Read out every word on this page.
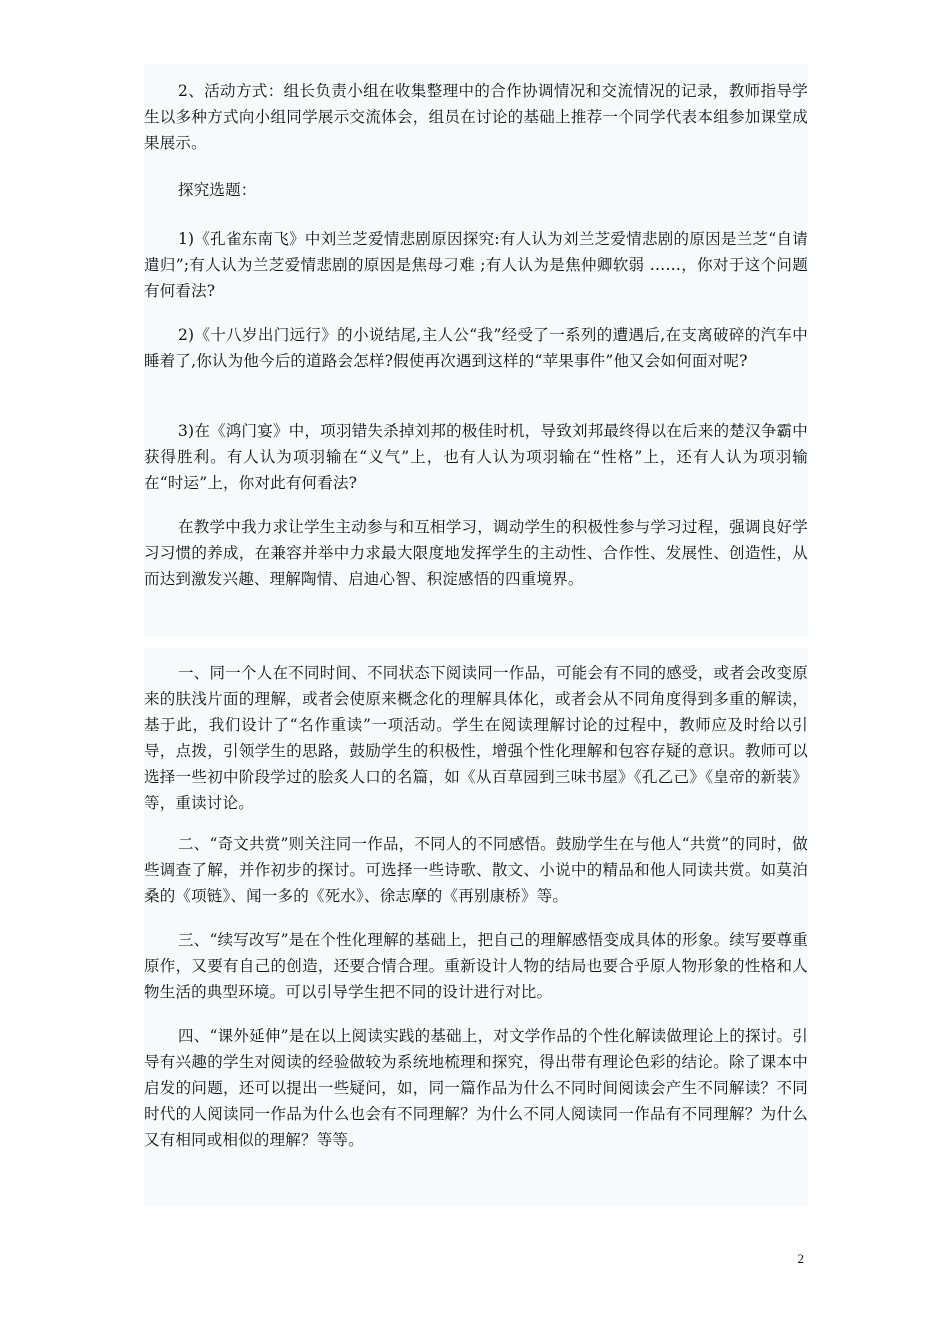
2、活动方式：组长负责小组在收集整理中的合作协调情况和交流情况的记录，教师指导学生以多种方式向小组同学展示交流体会，组员在讨论的基础上推荐一个同学代表本组参加课堂成果展示。

探究选题：

1)《孔雀东南飞》中刘兰芝爱情悲剧原因探究:有人认为刘兰芝爱情悲剧的原因是兰芝“自请遣归”;有人认为兰芝爱情悲剧的原因是焦母刁难 ;有人认为是焦仲卿软弱 ……，你对于这个问题有何看法?

2)《十八岁出门远行》的小说结尾,主人公“我”经受了一系列的遭遇后,在支离破碎的汽车中睡着了,你认为他今后的道路会怎样?假使再次遇到这样的“苹果事件”他又会如何面对呢?

3)在《鸿门宴》中，项羽错失杀掉刘邦的极佳时机，导致刘邦最终得以在后来的楚汉争霸中获得胜利。有人认为项羽输在“义气”上，也有人认为项羽输在“性格”上，还有人认为项羽输在“时运”上，你对此有何看法?

在教学中我力求让学生主动参与和互相学习，调动学生的积极性参与学习过程，强调良好学习习惯的养成，在兼容并举中力求最大限度地发挥学生的主动性、合作性、发展性、创造性，从而达到激发兴趣、理解陶情、启迪心智、积淀感悟的四重境界。

一、同一个人在不同时间、不同状态下阅读同一作品，可能会有不同的感受，或者会改变原来的肤浅片面的理解，或者会使原来概念化的理解具体化，或者会从不同角度得到多重的解读，基于此，我们设计了“名作重读”一项活动。学生在阅读理解讨论的过程中，教师应及时给以引导，点拨，引领学生的思路，鼓励学生的积极性，增强个性化理解和包容存疑的意识。教师可以选择一些初中阶段学过的脍炙人口的名篇，如《从百草园到三味书屋》《孔乙己》《皇帝的新装》等，重读讨论。

二、“奇文共赏”则关注同一作品，不同人的不同感悟。鼓励学生在与他人“共赏”的同时，做些调查了解，并作初步的探讨。可选择一些诗歌、散文、小说中的精品和他人同读共赏。如莫泊桑的《项链》、闻一多的《死水》、徐志摩的《再别康桥》等。

三、“续写改写”是在个性化理解的基础上，把自己的理解感悟变成具体的形象。续写要尊重原作，又要有自己的创造，还要合情合理。重新设计人物的结局也要合乎原人物形象的性格和人物生活的典型环境。可以引导学生把不同的设计进行对比。

四、“课外延伸”是在以上阅读实践的基础上，对文学作品的个性化解读做理论上的探讨。引导有兴趣的学生对阅读的经验做较为系统地梳理和探究，得出带有理论色彩的结论。除了课本中启发的问题，还可以提出一些疑问，如，同一篇作品为什么不同时间阅读会产生不同解读？不同时代的人阅读同一作品为什么也会有不同理解？为什么不同人阅读同一作品有不同理解？为什么又有相同或相似的理解？等等。

2
